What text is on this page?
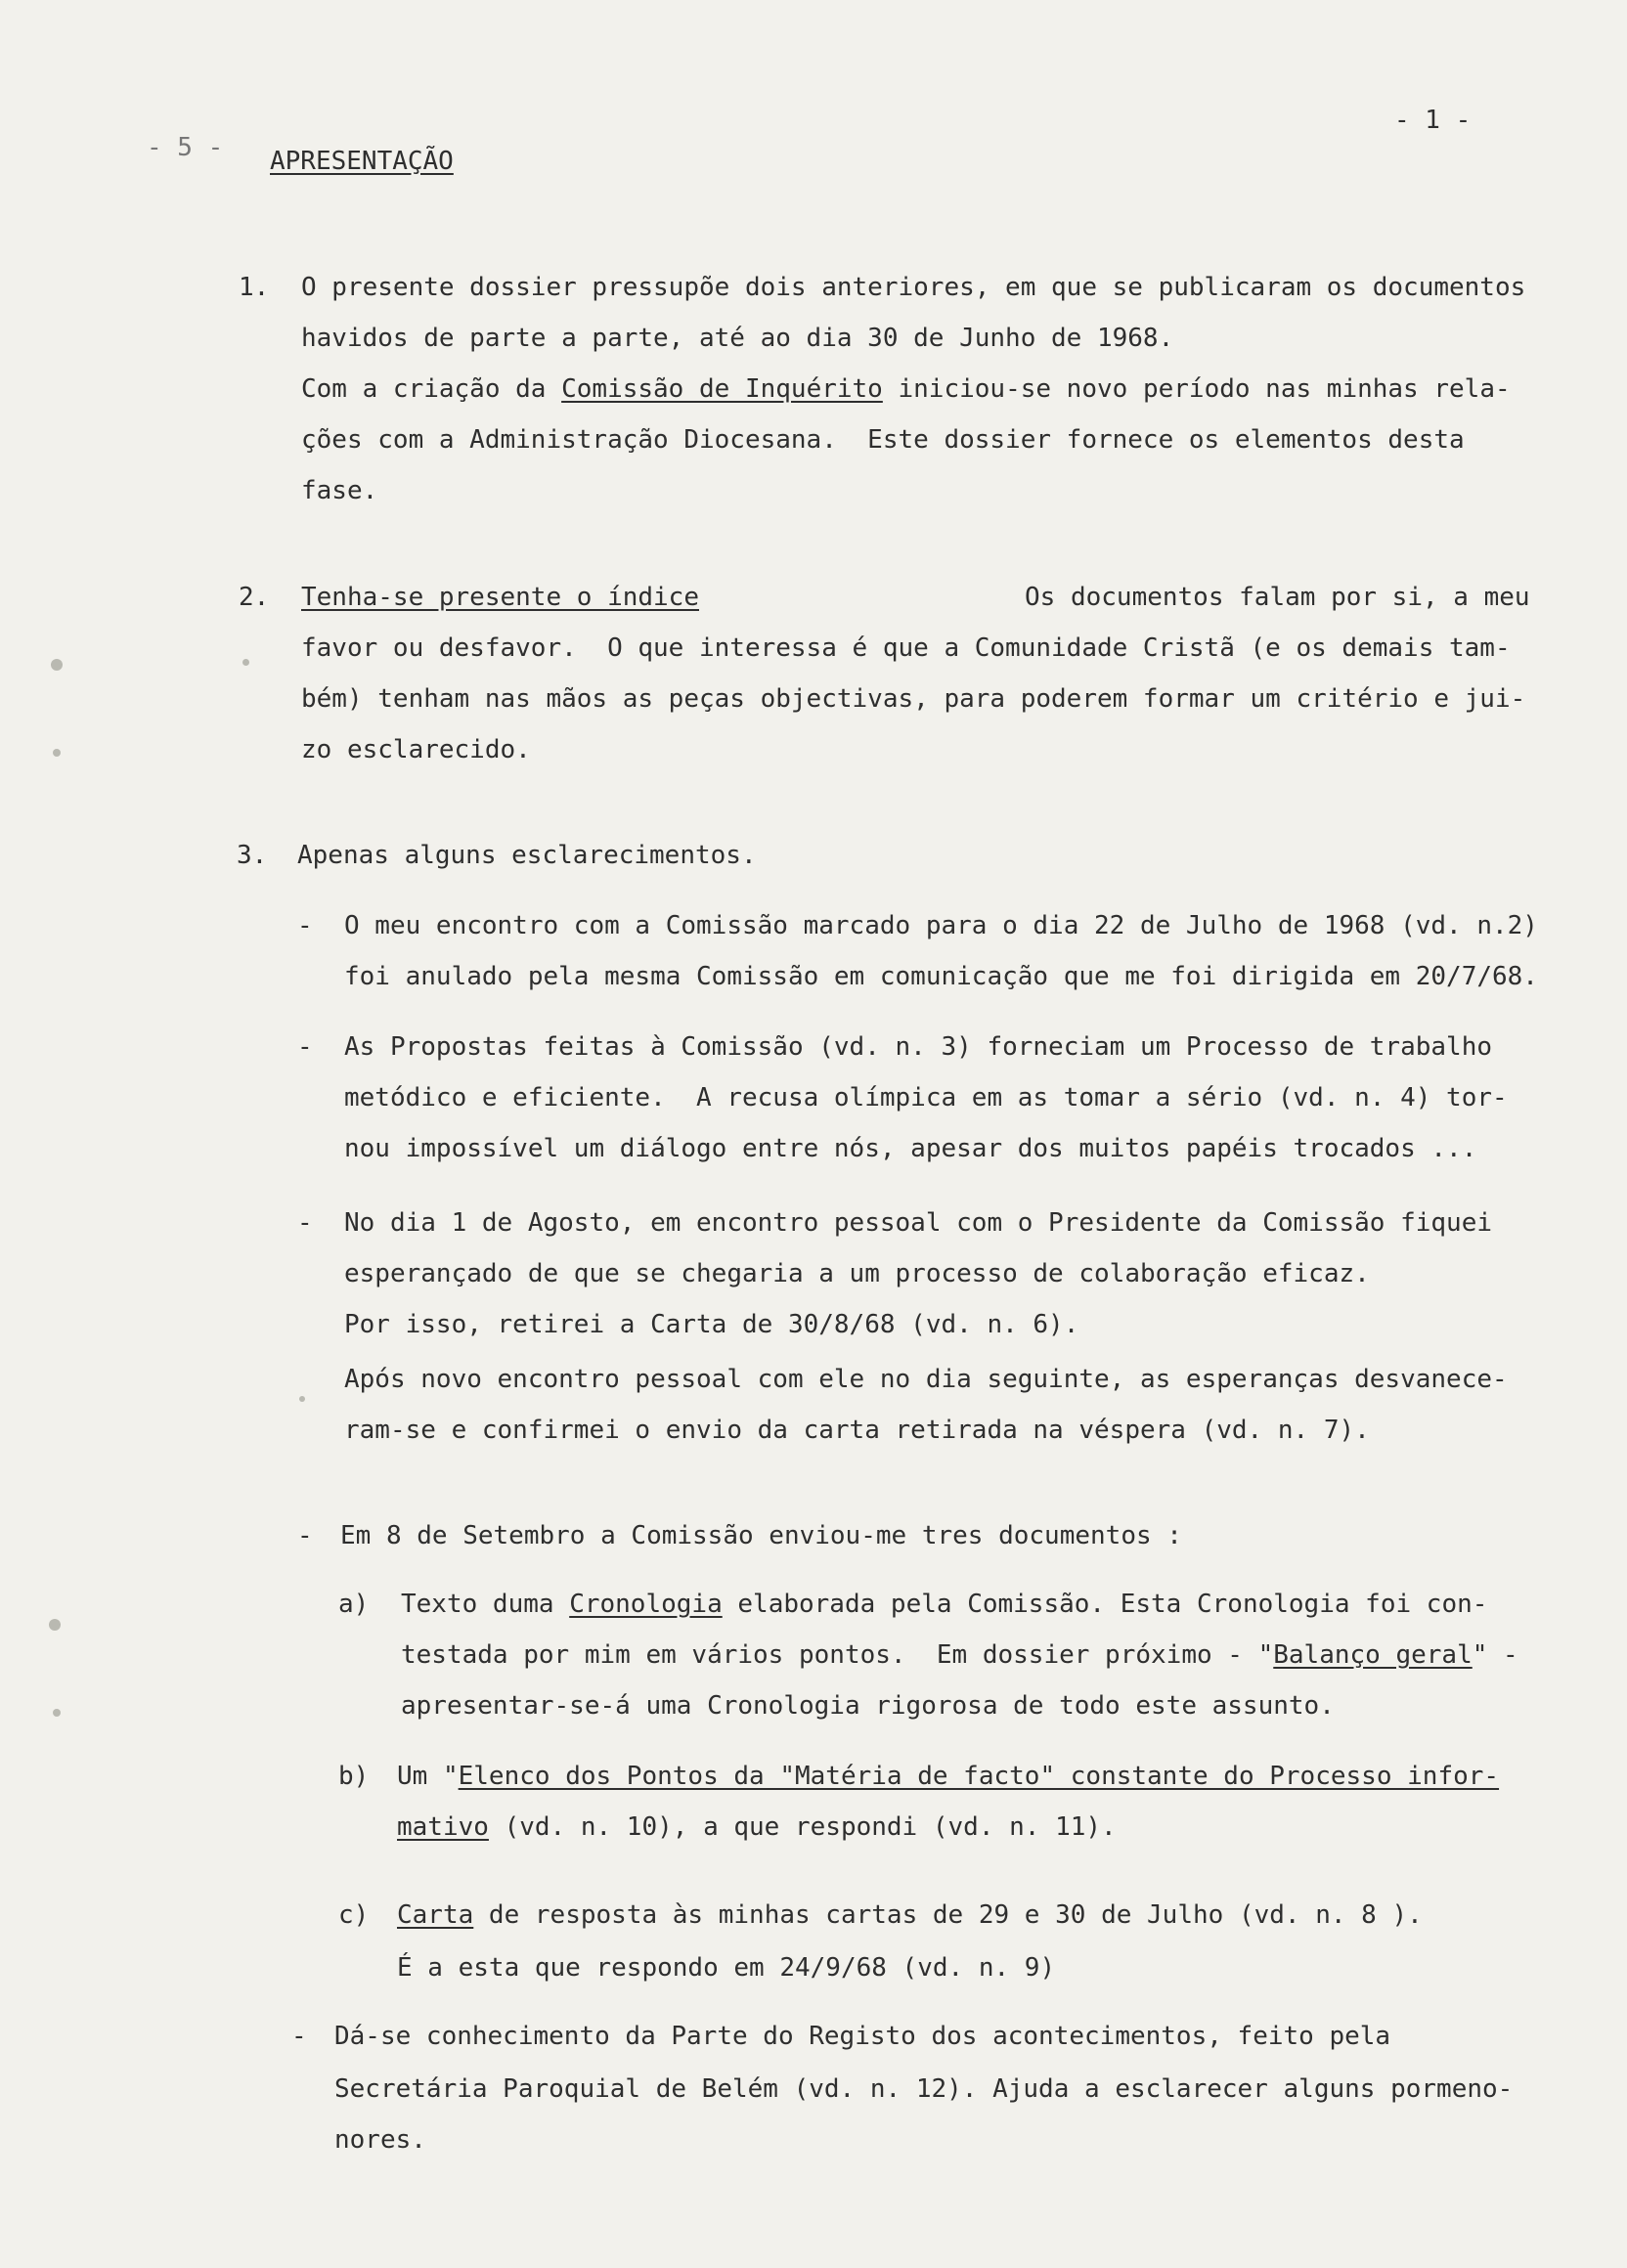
- 1 -
- 5 - APRESENTAÇÃO
1. O presente dossier pressupõe dois anteriores, em que se publicaram os documentos
havidos de parte a parte, até ao dia 30 de Junho de 1968.
Com a criação da Comissão de Inquérito iniciou-se novo período nas minhas rela-
ções com a Administração Diocesana.  Este dossier fornece os elementos desta
fase.
2. Tenha-se presente o índice	Os documentos falam por si, a meu
favor ou desfavor.  O que interessa é que a Comunidade Cristã (e os demais tam-
bém) tenham nas mãos as peças objectivas, para poderem formar um critério e jui-
zo esclarecido.
3. Apenas alguns esclarecimentos.
- O meu encontro com a Comissão marcado para o dia 22 de Julho de 1968 (vd. n.2)
foi anulado pela mesma Comissão em comunicação que me foi dirigida em 20/7/68.
- As Propostas feitas à Comissão (vd. n. 3) forneciam um Processo de trabalho
metódico e eficiente.  A recusa olímpica em as tomar a sério (vd. n. 4) tor-
nou impossível um diálogo entre nós, apesar dos muitos papéis trocados ...
- No dia 1 de Agosto, em encontro pessoal com o Presidente da Comissão fiquei
esperançado de que se chegaria a um processo de colaboração eficaz.
Por isso, retirei a Carta de 30/8/68 (vd. n. 6).
Após novo encontro pessoal com ele no dia seguinte, as esperanças desvanece-
ram-se e confirmei o envio da carta retirada na véspera (vd. n. 7).
- Em 8 de Setembro a Comissão enviou-me tres documentos :
a) Texto duma Cronologia elaborada pela Comissão. Esta Cronologia foi con-
testada por mim em vários pontos.  Em dossier próximo - "Balanço geral" -
apresentar-se-á uma Cronologia rigorosa de todo este assunto.
b) Um "Elenco dos Pontos da "Matéria de facto" constante do Processo infor-
mativo (vd. n. 10), a que respondi (vd. n. 11).
c) Carta de resposta às minhas cartas de 29 e 30 de Julho (vd. n. 8 ).
É a esta que respondo em 24/9/68 (vd. n. 9)
- Dá-se conhecimento da Parte do Registo dos acontecimentos, feito pela
Secretária Paroquial de Belém (vd. n. 12). Ajuda a esclarecer alguns pormeno-
nores.
